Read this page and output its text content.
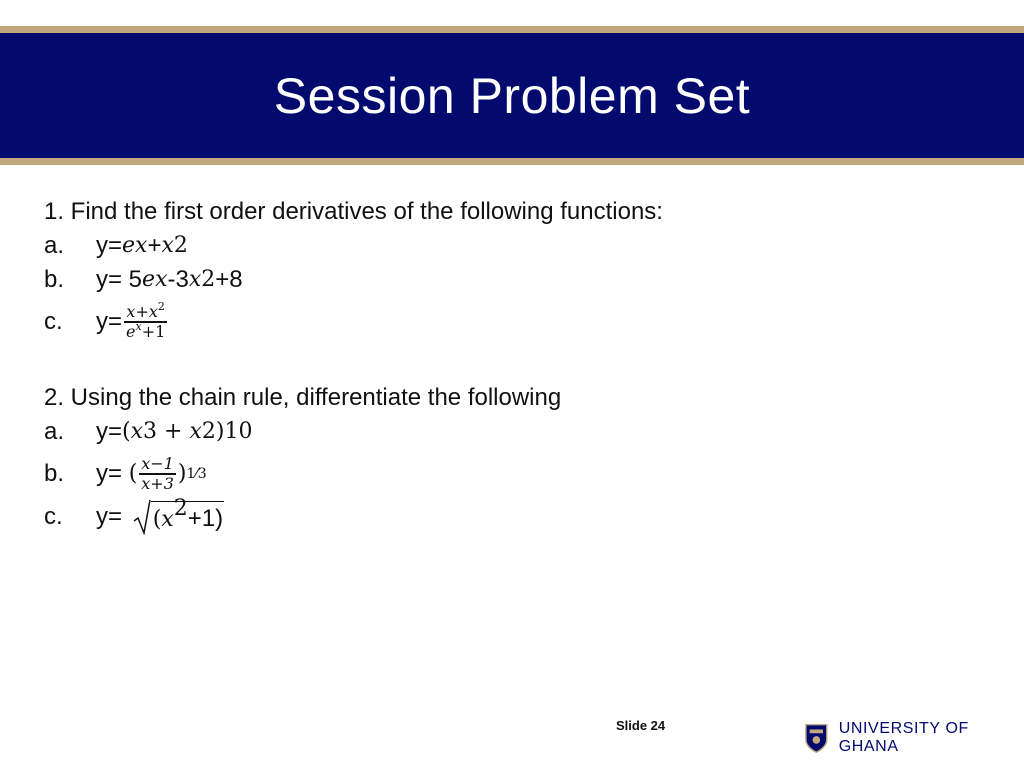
Session Problem Set
1. Find the first order derivatives of the following functions:
a.	y= e x + x 2
b.	y= 5 e x -3 x 2 +8
c.	$y= \frac{x+x^2}{e^x+1}$
2. Using the chain rule, differentiate the following
a.	y= ( x 3 + x 2 ) 10
b.	y= ( $\frac{x-1}{x+3}$ ) 1⁄3
c.	$y= (x^2+1)$
Slide 24	UNIVERSITY OF GHANA
